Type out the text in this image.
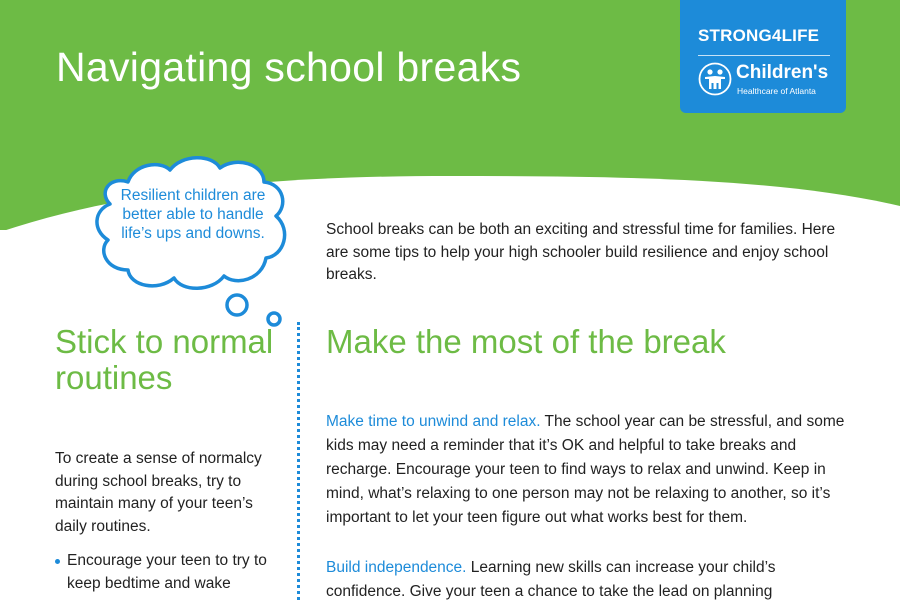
Navigating school breaks
STRONG4LIFE
Children's
Healthcare of Atlanta

Resilient children are better able to handle life’s ups and downs.	School breaks can be both an exciting and stressful time for families. Here are some tips to help your high schooler build resilience and enjoy school breaks.

Stick to normal routines

To create a sense of normalcy during school breaks, try to maintain many of your teen’s daily routines.

Encourage your teen to try to keep bedtime and wake
Make the most of the break

Make time to unwind and relax. The school year can be stressful, and some kids may need a reminder that it’s OK and helpful to take breaks and recharge. Encourage your teen to find ways to relax and unwind. Keep in mind, what’s relaxing to one person may not be relaxing to another, so it’s important to let your teen figure out what works best for them.

Build independence. Learning new skills can increase your child’s confidence. Give your teen a chance to take the lead on planning
